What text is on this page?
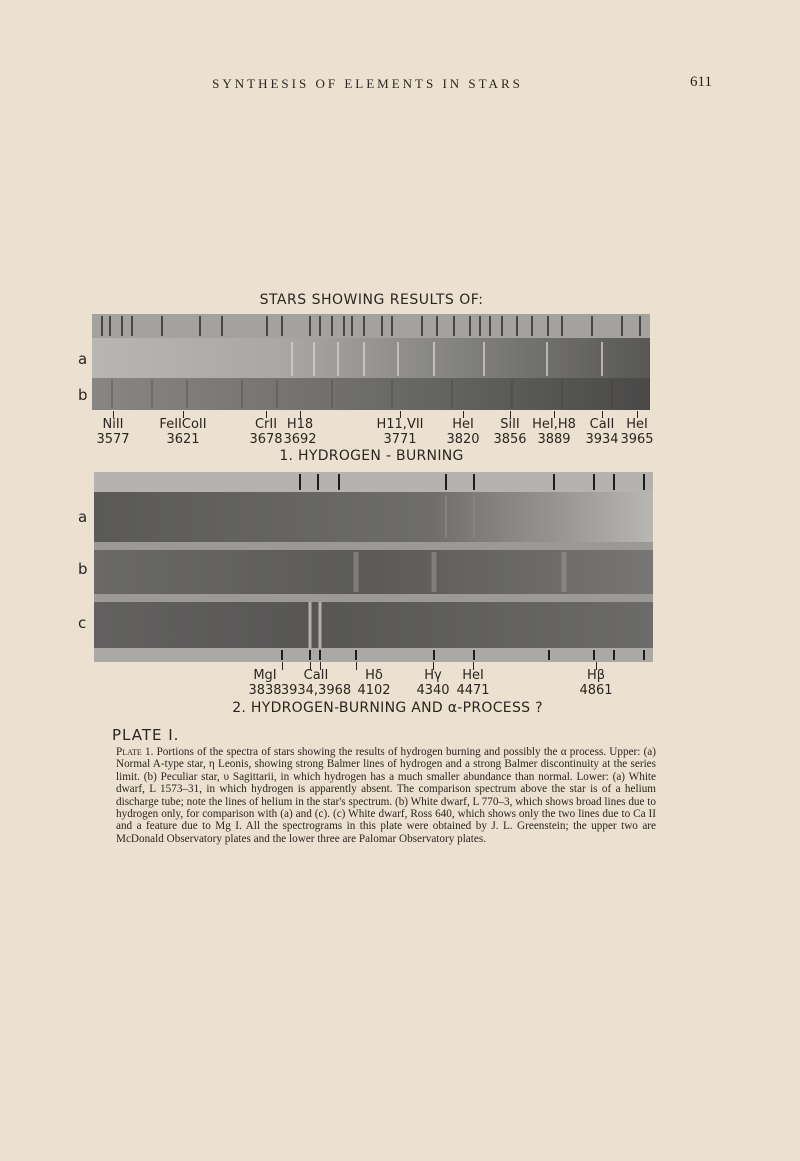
SYNTHESIS OF ELEMENTS IN STARS	611
STARS SHOWING RESULTS OF:
a
b
NiII
3577
FeIICoII
3621
CrII
3678
H18
3692
H11,VII
3771
HeI
3820
SiII
3856
HeI,H8
3889
CaII
3934
HeI
3965
1. HYDROGEN - BURNING
a
b
c
MgI
3838
CaII
3934,3968
Hδ
4102
Hγ
4340
HeI
4471
Hβ
4861
2. HYDROGEN-BURNING AND α-PROCESS ?
PLATE I.
Plate 1. Portions of the spectra of stars showing the results of hydrogen burning and possibly the α process. Upper: (a) Normal A-type star, η Leonis, showing strong Balmer lines of hydrogen and a strong Balmer discontinuity at the series limit. (b) Peculiar star, υ Sagittarii, in which hydrogen has a much smaller abundance than normal. Lower: (a) White dwarf, L 1573–31, in which hydrogen is apparently absent. The comparison spectrum above the star is of a helium discharge tube; note the lines of helium in the star's spectrum. (b) White dwarf, L 770–3, which shows broad lines due to hydrogen only, for comparison with (a) and (c). (c) White dwarf, Ross 640, which shows only the two lines due to Ca II and a feature due to Mg I. All the spectrograms in this plate were obtained by J. L. Greenstein; the upper two are McDonald Observatory plates and the lower three are Palomar Observatory plates.
